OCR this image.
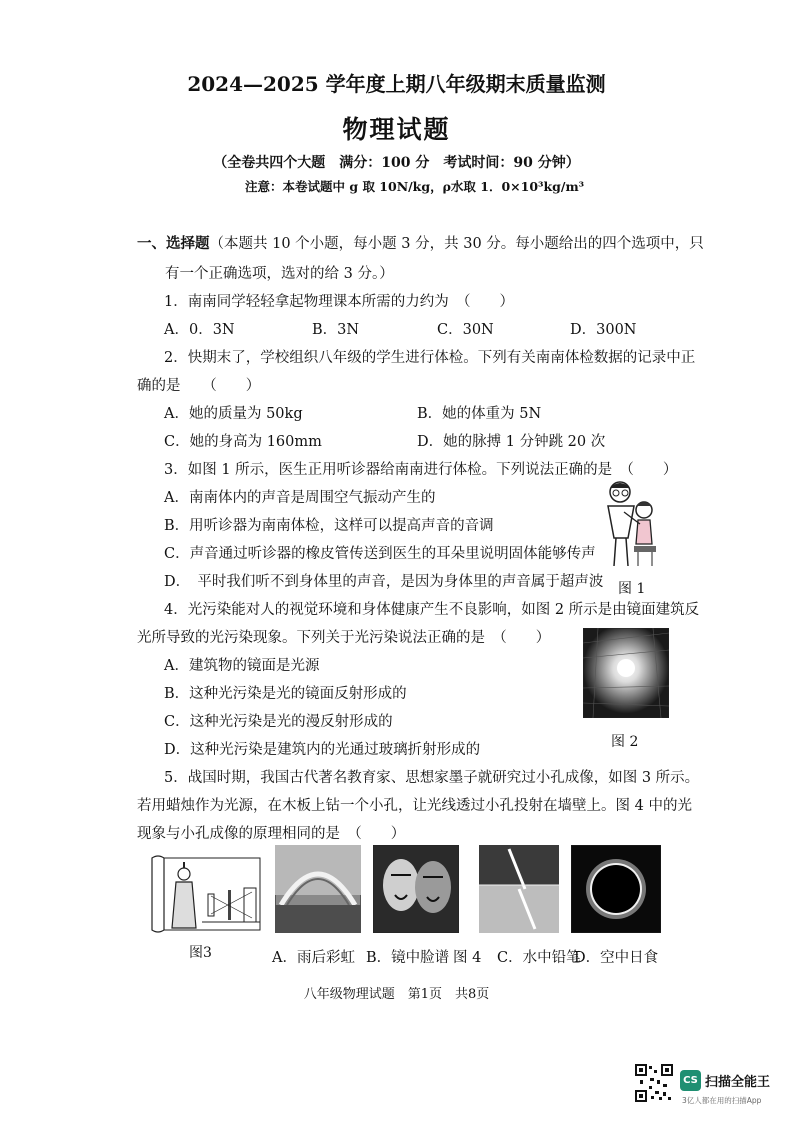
2024—2025 学年度上期八年级期末质量监测
物理试题
（全卷共四个大题　满分：100 分　考试时间：90 分钟）
注意：本卷试题中 g 取 10N/kg，ρ水取 1．0×10³kg/m³
一、选择题（本题共 10 个小题，每小题 3 分，共 30 分。每小题给出的四个选项中，只
有一个正确选项，选对的给 3 分。）
1．南南同学轻轻拿起物理课本所需的力约为　（　　）
A．0．3N	B．3N	C．30N	D．300N
2．快期末了，学校组织八年级的学生进行体检。下列有关南南体检数据的记录中正
确的是　　（　　）
A．她的质量为 50kg	B．她的体重为 5N
C．她的身高为 160mm	D．她的脉搏 1 分钟跳 20 次
3．如图 1 所示，医生正用听诊器给南南进行体检。下列说法正确的是　（　　）
A．南南体内的声音是周围空气振动产生的
B．用听诊器为南南体检，这样可以提高声音的音调
C．声音通过听诊器的橡皮管传送到医生的耳朵里说明固体能够传声
D．　平时我们听不到身体里的声音，是因为身体里的声音属于超声波 图 1
4．光污染能对人的视觉环境和身体健康产生不良影响，如图 2 所示是由镜面建筑反
光所导致的光污染现象。下列关于光污染说法正确的是　（　　）
A．建筑物的镜面是光源
B．这种光污染是光的镜面反射形成的
C．这种光污染是光的漫反射形成的
D．这种光污染是建筑内的光通过玻璃折射形成的	图 2
5．战国时期，我国古代著名教育家、思想家墨子就研究过小孔成像，如图 3 所示。
若用蜡烛作为光源，在木板上钻一个小孔，让光线透过小孔投射在墙壁上。图 4 中的光
现象与小孔成像的原理相同的是　（　　）
图3	A．雨后彩虹 B．镜中脸谱 图 4 C．水中铅笔
D．空中日食
八年级物理试题　第1页　共8页
CS 扫描全能王
3亿人都在用的扫描App
